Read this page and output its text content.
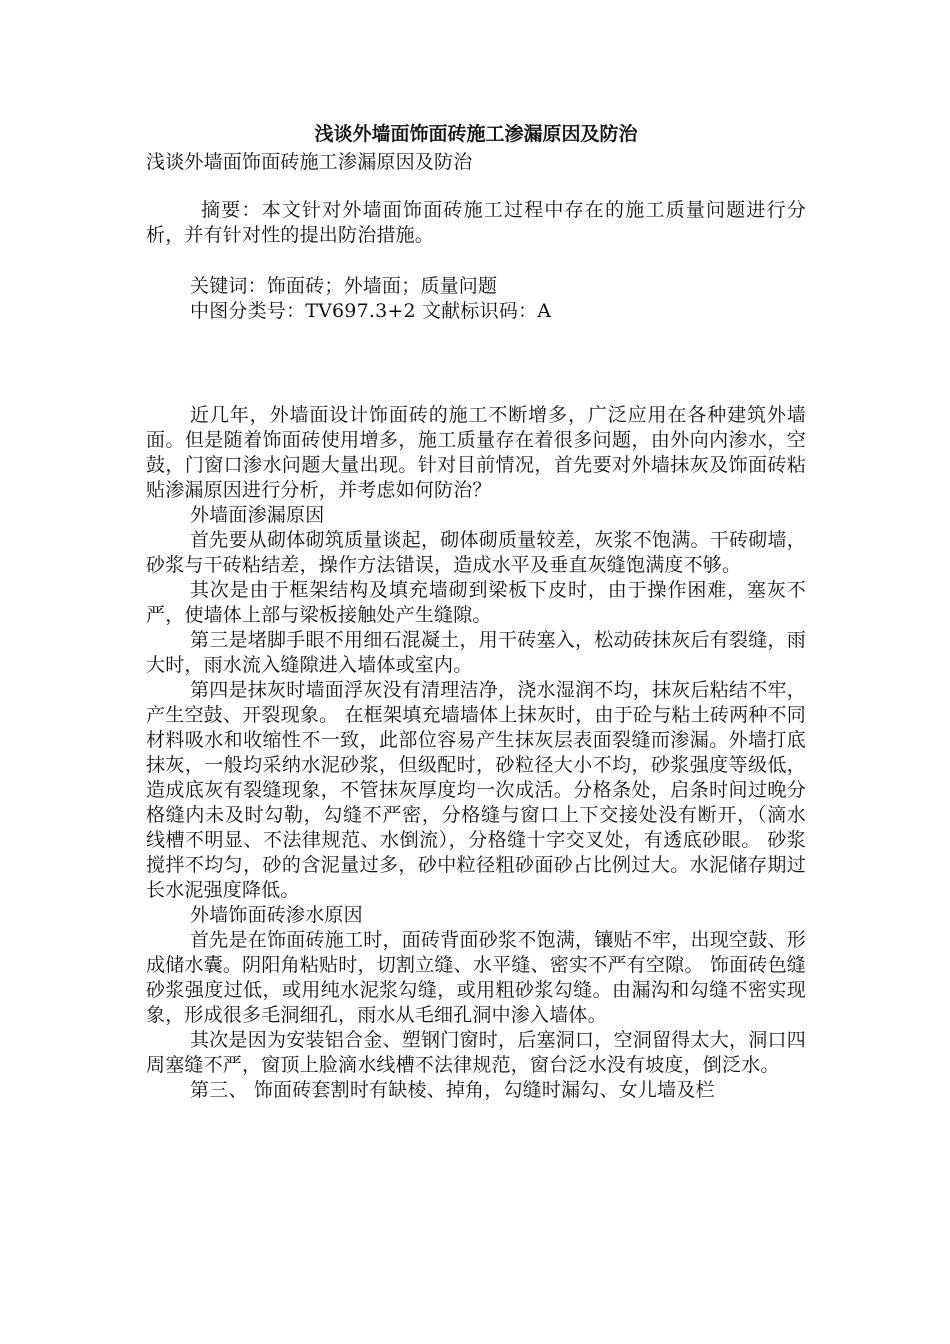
浅谈外墙面饰面砖施工渗漏原因及防治

浅谈外墙面饰面砖施工渗漏原因及防治

摘要：本文针对外墙面饰面砖施工过程中存在的施工质量问题进行分析，并有针对性的提出防治措施。

关键词：饰面砖；外墙面；质量问题

中图分类号：TV697.3+2 文献标识码：A

近几年，外墙面设计饰面砖的施工不断增多，广泛应用在各种建筑外墙面。但是随着饰面砖使用增多，施工质量存在着很多问题，由外向内渗水，空鼓，门窗口渗水问题大量出现。针对目前情况，首先要对外墙抹灰及饰面砖粘贴渗漏原因进行分析，并考虑如何防治？

外墙面渗漏原因

首先要从砌体砌筑质量谈起，砌体砌质量较差，灰浆不饱满。干砖砌墙，砂浆与干砖粘结差，操作方法错误，造成水平及垂直灰缝饱满度不够。

其次是由于框架结构及填充墙砌到梁板下皮时，由于操作困难，塞灰不严，使墙体上部与梁板接触处产生缝隙。

第三是堵脚手眼不用细石混凝土，用干砖塞入，松动砖抹灰后有裂缝，雨大时，雨水流入缝隙进入墙体或室内。

第四是抹灰时墙面浮灰没有清理洁净，浇水湿润不均，抹灰后粘结不牢，产生空鼓、开裂现象。 在框架填充墙墙体上抹灰时，由于砼与粘土砖两种不同材料吸水和收缩性不一致，此部位容易产生抹灰层表面裂缝而渗漏。外墙打底抹灰，一般均采纳水泥砂浆，但级配时，砂粒径大小不均，砂浆强度等级低，造成底灰有裂缝现象，不管抹灰厚度均一次成活。分格条处，启条时间过晚分格缝内未及时勾勒，勾缝不严密，分格缝与窗口上下交接处没有断开，（滴水线槽不明显、不法律规范、水倒流），分格缝十字交叉处，有透底砂眼。 砂浆搅拌不均匀，砂的含泥量过多，砂中粒径粗砂面砂占比例过大。水泥储存期过长水泥强度降低。

外墙饰面砖渗水原因

首先是在饰面砖施工时，面砖背面砂浆不饱满，镶贴不牢，出现空鼓、形成储水囊。阴阳角粘贴时，切割立缝、水平缝、密实不严有空隙。 饰面砖色缝砂浆强度过低，或用纯水泥浆勾缝，或用粗砂浆勾缝。由漏沟和勾缝不密实现象，形成很多毛洞细孔，雨水从毛细孔洞中渗入墙体。

其次是因为安装铝合金、塑钢门窗时，后塞洞口，空洞留得太大，洞口四周塞缝不严，窗顶上脸滴水线槽不法律规范，窗台泛水没有坡度，倒泛水。

第三、 饰面砖套割时有缺棱、掉角，勾缝时漏勾、女儿墙及栏
